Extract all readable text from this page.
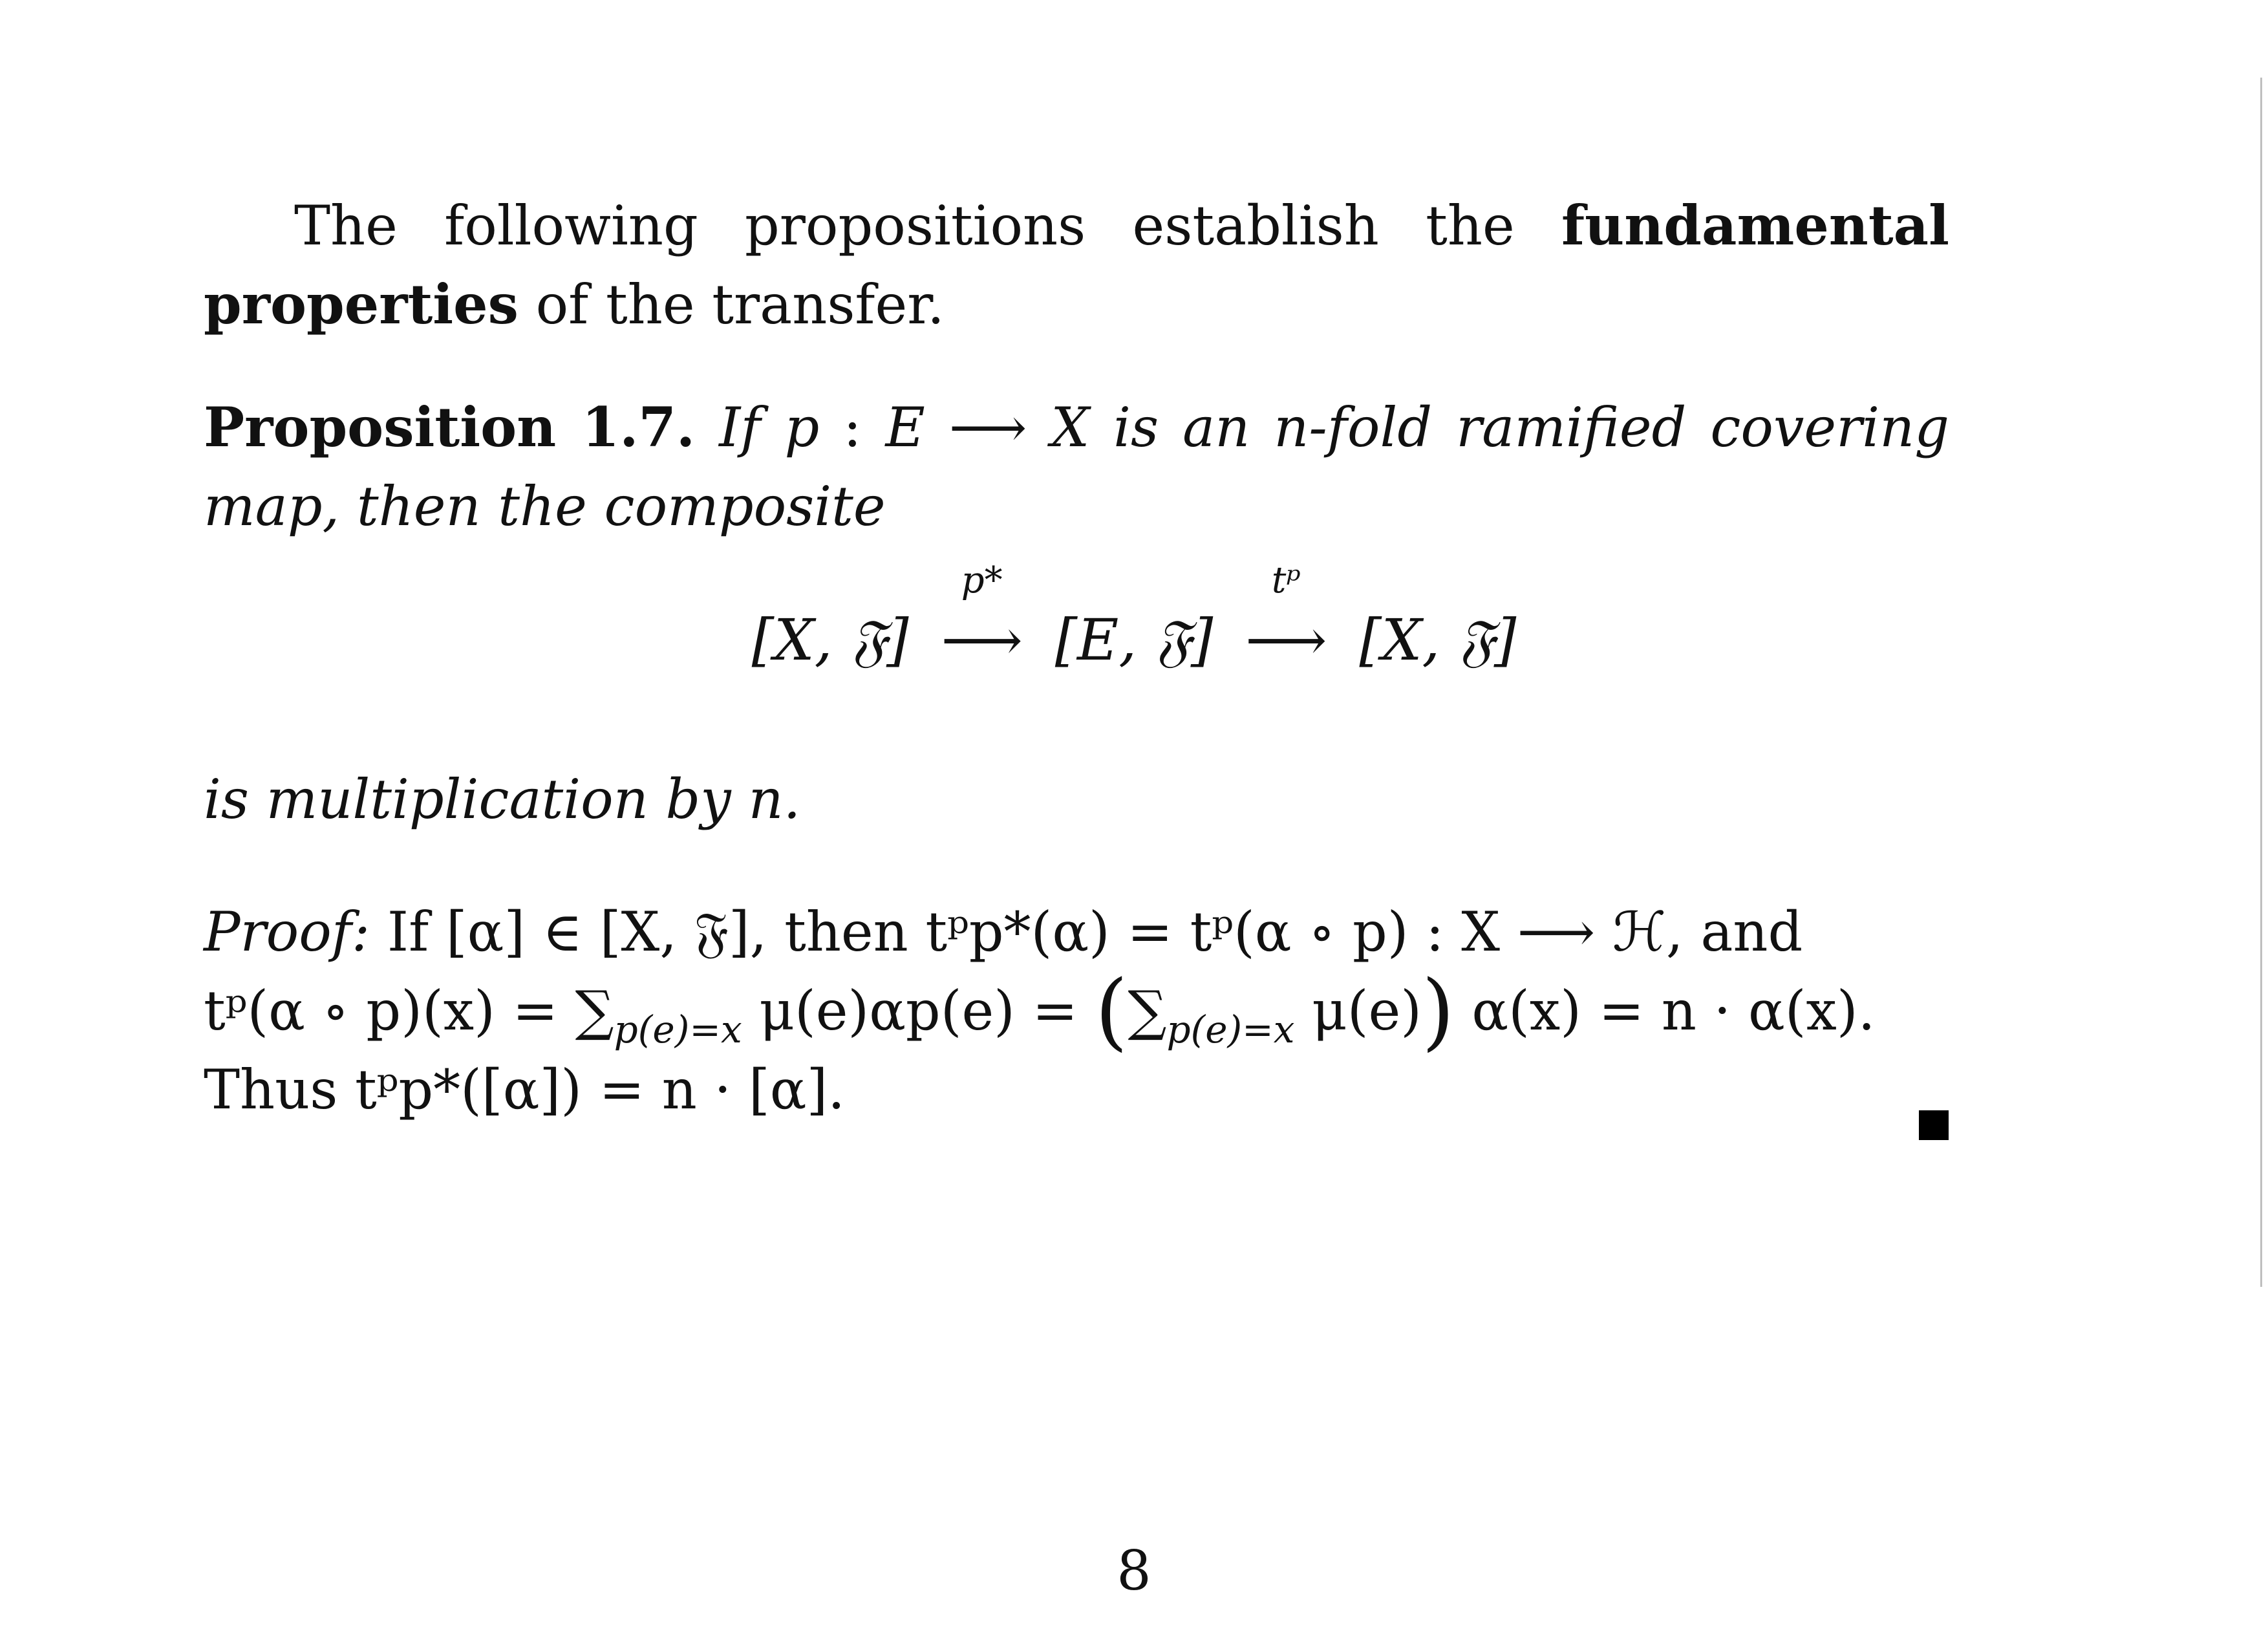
The following propositions establish the fundamental properties of the transfer.

Proposition 1.7. If p : E ⟶ X is an n-fold ramified covering map, then the composite

[X, 𝔉]
p*
⟶ [E, 𝔉]
tᵖ
⟶ [X, 𝔉]

is multiplication by n.

Proof: If [α] ∈ [X, 𝔉], then tᵖp*(α) = tᵖ(α ∘ p) : X ⟶ ℋ, and
tᵖ(α ∘ $p)(x) = \sum_{p(e)=x}$ $\mu(e)\alpha p(e) = (\sum_{p(e)=x}$ μ(e)) α(x) = n · α(x).
Thus tᵖp*([α]) = n · [α].
8
